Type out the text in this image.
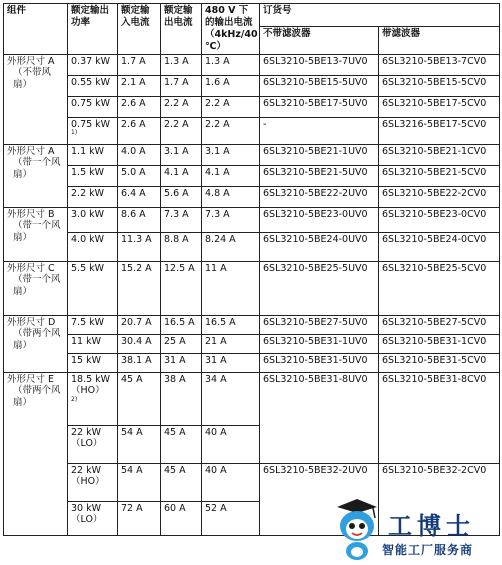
组件	额定输出功率	额定输入电流	额定输出电流	480 V 下的输出电流（4kHz/40 ℃）	订货号	
					不带滤波器	带滤波器

外形尺寸 A
（不带风
扇）	0.37 kW	1.7 A	1.3 A	1.3 A	6SL3210-5BE13-7UV0	6SL3210-5BE13-7CV0
	0.55 kW	2.1 A	1.7 A	1.6 A	6SL3210-5BE15-5UV0	6SL3210-5BE15-5CV0
	0.75 kW	2.6 A	2.2 A	2.2 A	6SL3210-5BE17-5UV0	6SL3210-5BE17-5CV0
	0.75 kW
1)	2.6 A	2.2 A	2.2 A	-	6SL3216-5BE17-5CV0

外形尺寸 A
（带一个风
扇）	1.1 kW	4.0 A	3.1 A	3.1 A	6SL3210-5BE21-1UV0	6SL3210-5BE21-1CV0
	1.5 kW	5.0 A	4.1 A	4.1 A	6SL3210-5BE21-5UV0	6SL3210-5BE21-5CV0
	2.2 kW	6.4 A	5.6 A	4.8 A	6SL3210-5BE22-2UV0	6SL3210-5BE22-2CV0

外形尺寸 B
（带一个风
扇）	3.0 kW	8.6 A	7.3 A	7.3 A	6SL3210-5BE23-0UV0	6SL3210-5BE23-0CV0
	4.0 kW	11.3 A	8.8 A	8.24 A	6SL3210-5BE24-0UV0	6SL3210-5BE24-0CV0

外形尺寸 C
（带一个风
扇）	5.5 kW	15.2 A	12.5 A	11 A	6SL3210-5BE25-5UV0	6SL3210-5BE25-5CV0

外形尺寸 D
（带两个风
扇）	7.5 kW	20.7 A	16.5 A	16.5 A	6SL3210-5BE27-5UV0	6SL3210-5BE27-5CV0
	11 kW	30.4 A	25 A	21 A	6SL3210-5BE31-1UV0	6SL3210-5BE31-1CV0
	15 kW	38.1 A	31 A	31 A	6SL3210-5BE31-5UV0	6SL3210-5BE31-5CV0

外形尺寸 E
（带两个风
扇）	18.5 kW
（HO）
2)	45 A	38 A	34 A	6SL3210-5BE31-8UV0	6SL3210-5BE31-8CV0
	22 kW
（LO）	54 A	45 A	40 A		
	22 kW
（HO）	54 A	45 A	40 A	6SL3210-5BE32-2UV0	6SL3210-5BE32-2CV0
	30 kW
（LO）	72 A	60 A	52 A		
工博士
智能工厂服务商
